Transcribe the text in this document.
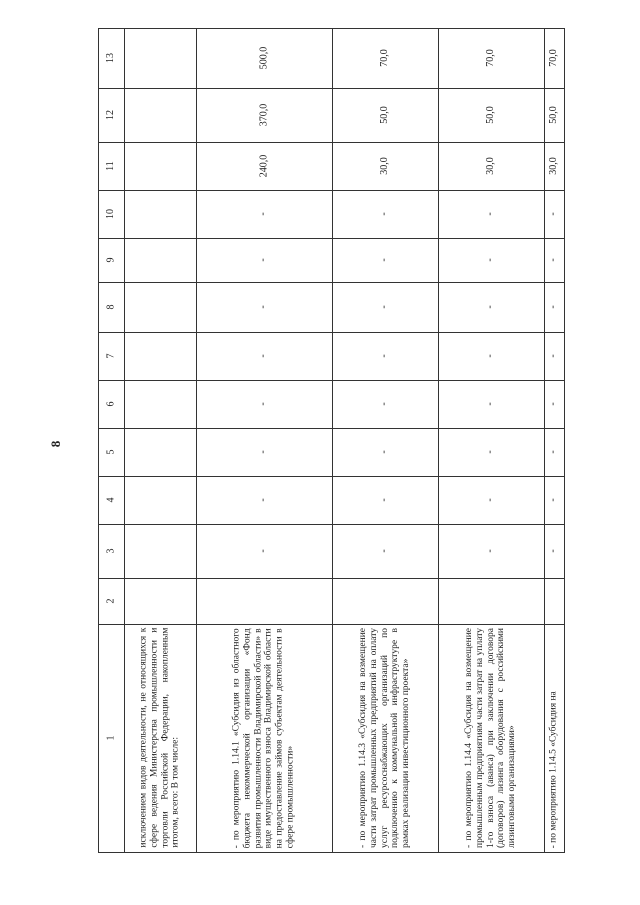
8
13
12
11
10
9
8
7
6
5
4
3
2
1 исключением видов деятельности, не относящихся к сфере ведения Министерства промышленности и торговли Российской Федерации, накопленным итогом, всего: В том числе:	- по мероприятию 1.14.1 «Субсидия из областного бюджета некоммерческой организации «Фонд развития промышленности Владимирской области» в виде имущественного взноса Владимирской области на предоставление займов субъектам деятельности в сфере промышленности»
-
-
-
-
-
-
-
-
240,0
370,0
500,0
- по мероприятию 1.14.3 «Субсидия на возмещение части затрат промышленных предприятий на оплату услуг ресурсоснабжающих организаций по подключению к коммунальной инфраструктуре в рамках реализации инвестиционного проекта»
-
-
-
-
-
-
-
-
30,0
50,0
70,0
- по мероприятию 1.14.4 «Субсидия на возмещение промышленным предприятиям части затрат на уплату 1-го взноса (аванса) при заключении договора (договоров) лизинга оборудования с российскими лизинговыми организациями»
-
-
-
-
-
-
-
-
30,0
50,0
70,0
- по мероприятию 1.14.5 «Субсидия на
-
-
-
-
-
-
-
-
30,0
50,0
70,0
